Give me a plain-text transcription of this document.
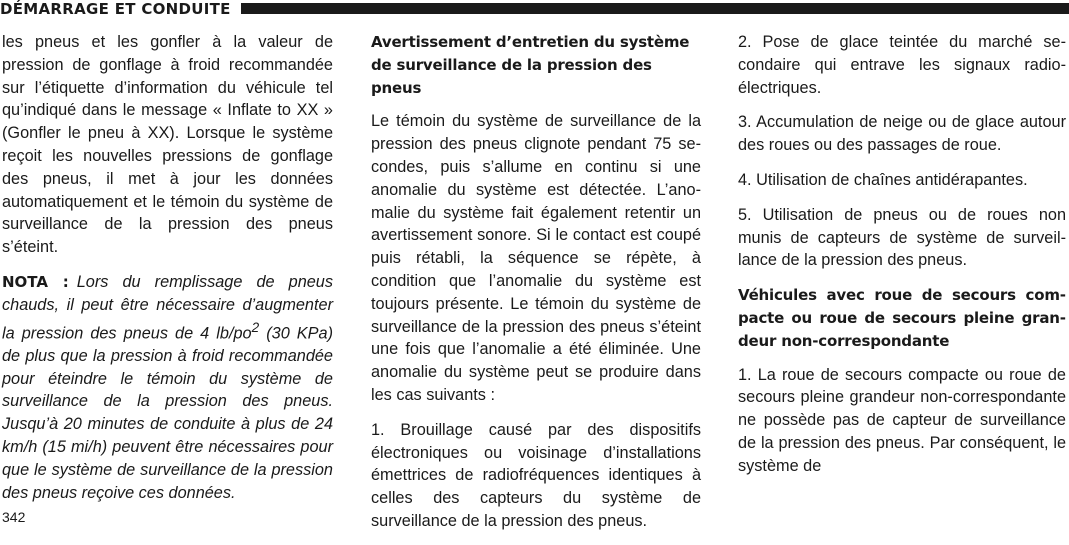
DÉMARRAGE ET CONDUITE

les pneus et les gonfler à la valeur de pression de gonflage à froid recommandée sur l’étiquette d’information du véhicule tel qu’indiqué dans le message « Inflate to XX » (Gonfler le pneu à XX). Lorsque le système reçoit les nouvelles pressions de gonflage des pneus, il met à jour les données automatiquement et le témoin du système de surveillance de la pression des pneus s’éteint.

NOTA : Lors du remplissage de pneus chauds, il peut être nécessaire d’augmenter la pression des pneus de 4 $lb/po^2$ (30 KPa) de plus que la pression à froid recommandée pour éteindre le témoin du système de surveillance de la pression des pneus. Jusqu’à 20 minutes de conduite à plus de 24 km/h (15 mi/h) peuvent être nécessaires pour que le système de surveillance de la pression des pneus reçoive ces données.

Avertissement d’entretien du système de surveillance de la pression des pneus

Le témoin du système de surveillance de la pression des pneus clignote pendant 75 secondes, puis s’allume en continu si une anomalie du système est détectée. L’anomalie du système fait également retentir un avertissement sonore. Si le contact est coupé puis rétabli, la séquence se répète, à condition que l’anomalie du système est toujours présente. Le témoin du système de surveillance de la pression des pneus s’éteint une fois que l’anomalie a été éliminée. Une anomalie du système peut se produire dans les cas suivants :

1. Brouillage causé par des dispositifs électroniques ou voisinage d’installations émettrices de radiofréquences identiques à celles des capteurs du système de surveillance de la pression des pneus.

2. Pose de glace teintée du marché secondaire qui entrave les signaux radioélectriques.

3. Accumulation de neige ou de glace autour des roues ou des passages de roue.

4. Utilisation de chaînes antidérapantes.

5. Utilisation de pneus ou de roues non munis de capteurs de système de surveillance de la pression des pneus.

Véhicules avec roue de secours compacte ou roue de secours pleine grandeur non-correspondante

1. La roue de secours compacte ou roue de secours pleine grandeur non-correspondante ne possède pas de capteur de surveillance de la pression des pneus. Par conséquent, le système de

342
